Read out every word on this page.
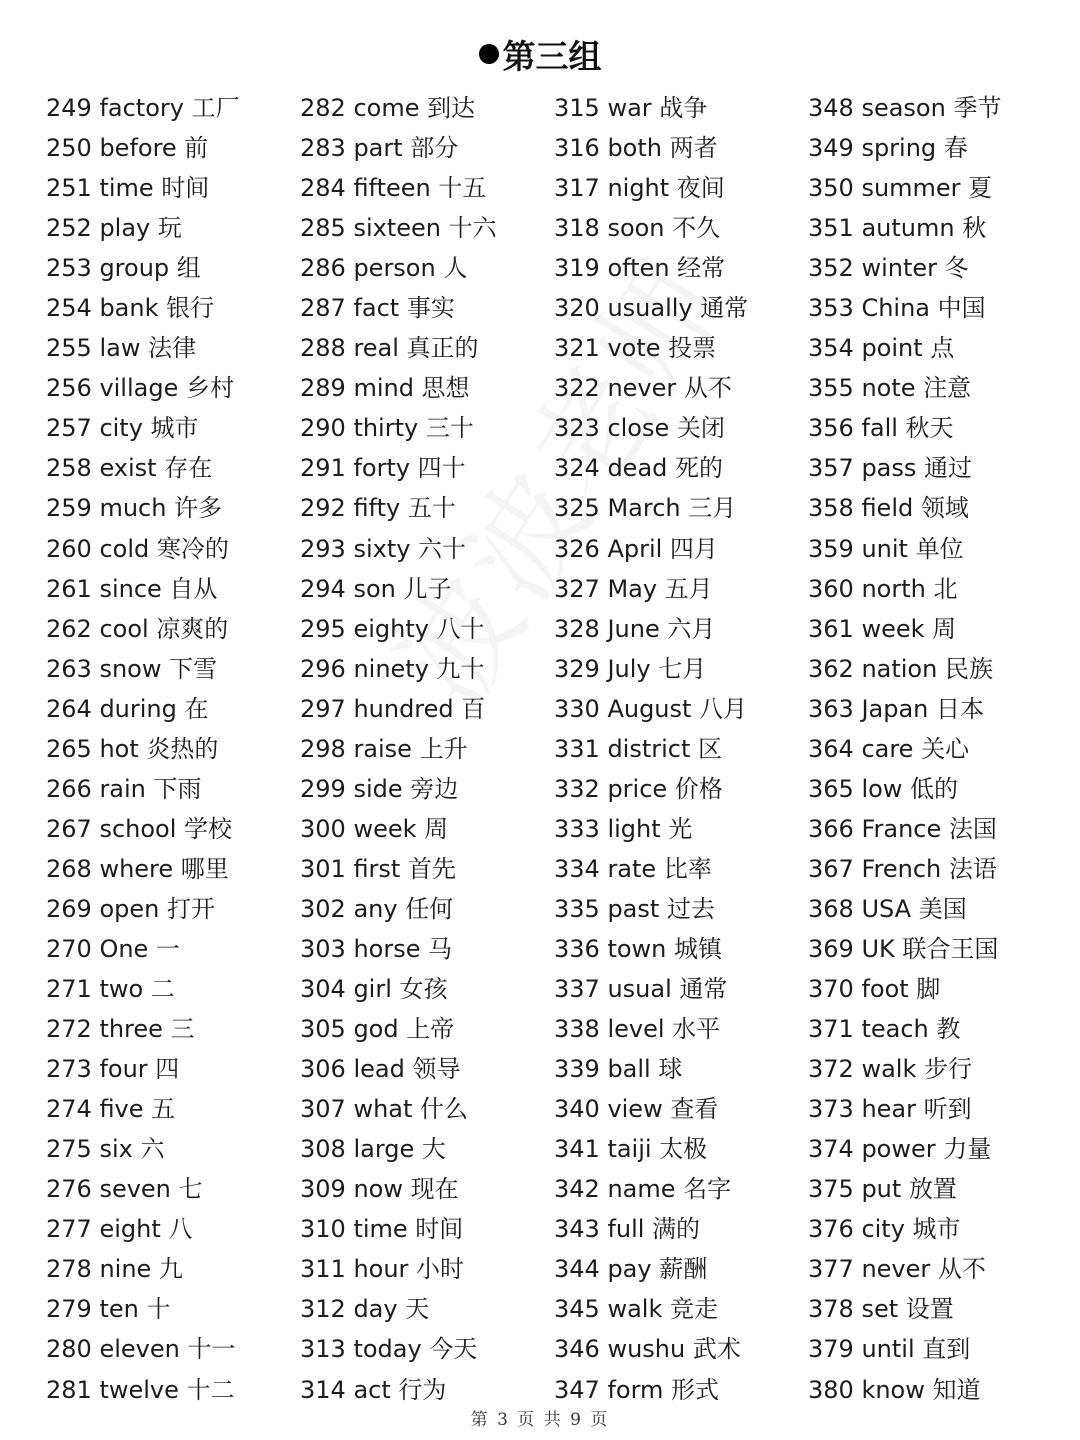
第三组
249 factory 工厂
250 before 前
251 time 时间
252 play 玩
253 group 组
254 bank 银行
255 law 法律
256 village 乡村
257 city 城市
258 exist 存在
259 much 许多
260 cold 寒冷的
261 since 自从
262 cool 凉爽的
263 snow 下雪
264 during 在
265 hot 炎热的
266 rain 下雨
267 school 学校
268 where 哪里
269 open 打开
270 One 一
271 two 二
272 three 三
273 four 四
274 five 五
275 six 六
276 seven 七
277 eight 八
278 nine 九
279 ten 十
280 eleven 十一
281 twelve 十二
282 come 到达
283 part 部分
284 fifteen 十五
285 sixteen 十六
286 person 人
287 fact 事实
288 real 真正的
289 mind 思想
290 thirty 三十
291 forty 四十
292 fifty 五十
293 sixty 六十
294 son 儿子
295 eighty 八十
296 ninety 九十
297 hundred 百
298 raise 上升
299 side 旁边
300 week 周
301 first 首先
302 any 任何
303 horse 马
304 girl 女孩
305 god 上帝
306 lead 领导
307 what 什么
308 large 大
309 now 现在
310 time 时间
311 hour 小时
312 day 天
313 today 今天
314 act 行为
315 war 战争
316 both 两者
317 night 夜间
318 soon 不久
319 often 经常
320 usually 通常
321 vote 投票
322 never 从不
323 close 关闭
324 dead 死的
325 March 三月
326 April 四月
327 May 五月
328 June 六月
329 July 七月
330 August 八月
331 district 区
332 price 价格
333 light 光
334 rate 比率
335 past 过去
336 town 城镇
337 usual 通常
338 level 水平
339 ball 球
340 view 查看
341 taiji 太极
342 name 名字
343 full 满的
344 pay 薪酬
345 walk 竞走
346 wushu 武术
347 form 形式
348 season 季节
349 spring 春
350 summer 夏
351 autumn 秋
352 winter 冬
353 China 中国
354 point 点
355 note 注意
356 fall 秋天
357 pass 通过
358 field 领域
359 unit 单位
360 north 北
361 week 周
362 nation 民族
363 Japan 日本
364 care 关心
365 low 低的
366 France 法国
367 French 法语
368 USA 美国
369 UK 联合王国
370 foot 脚
371 teach 教
372 walk 步行
373 hear 听到
374 power 力量
375 put 放置
376 city 城市
377 never 从不
378 set 设置
379 until 直到
380 know 知道
第 3 页 共 9 页
